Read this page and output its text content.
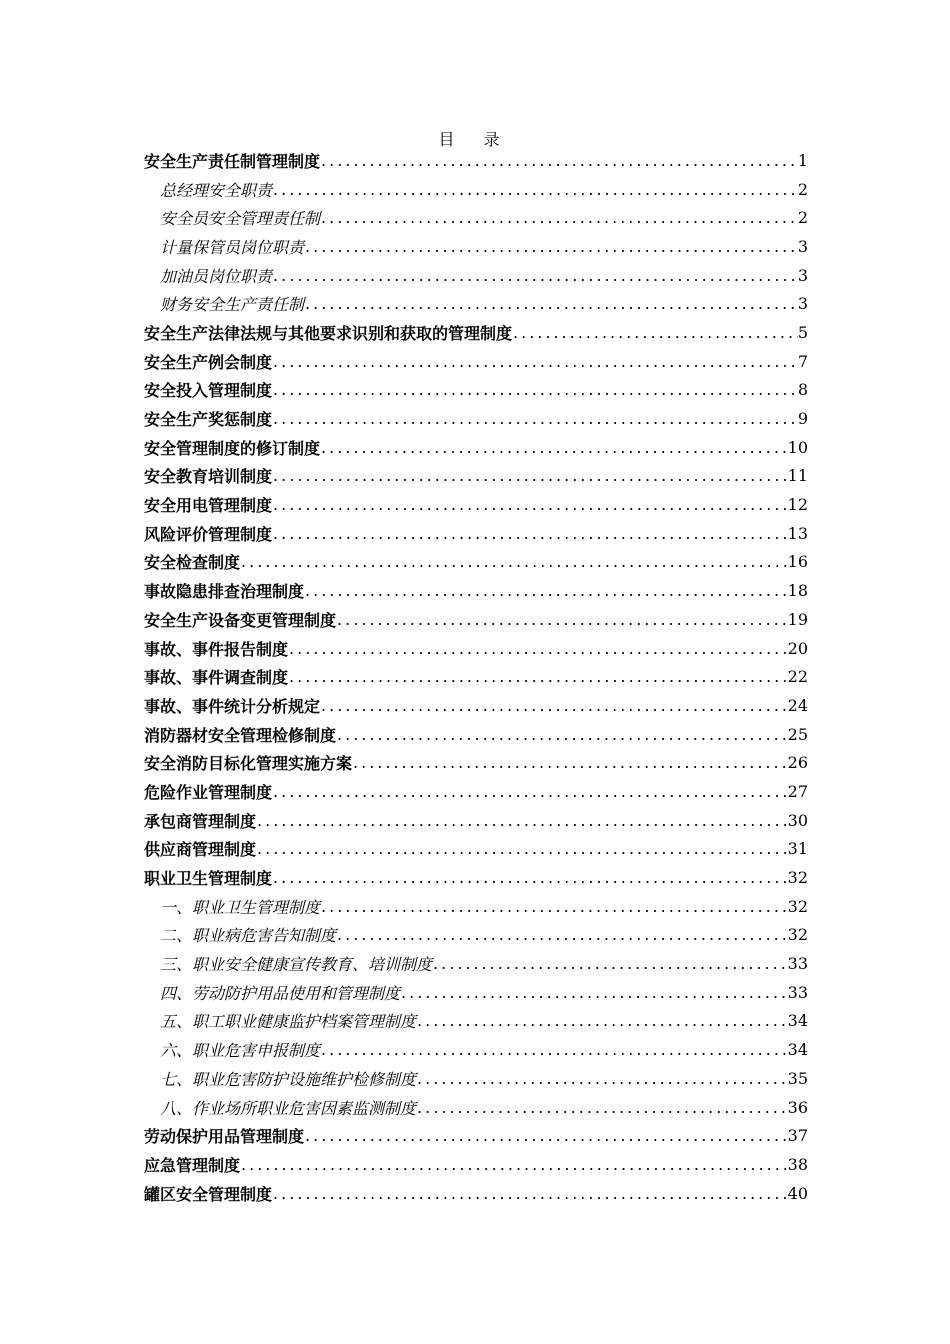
目 录
安全生产责任制管理制度 .....	1
总经理安全职责 .....	2
安全员安全管理责任制 .....	2
计量保管员岗位职责 .....	3
加油员岗位职责 .....	3
财务安全生产责任制 .....	3
安全生产法律法规与其他要求识别和获取的管理制度 .....	5
安全生产例会制度 .....	7
安全投入管理制度 .....	8
安全生产奖惩制度 .....	9
安全管理制度的修订制度 .....	10
安全教育培训制度 .....	11
安全用电管理制度 .....	12
风险评价管理制度 .....	13
安全检查制度 .....	16
事故隐患排查治理制度 .....	18
安全生产设备变更管理制度 .....	19
事故、事件报告制度 .....	20
事故、事件调查制度 .....	22
事故、事件统计分析规定 .....	24
消防器材安全管理检修制度 .....	25
安全消防目标化管理实施方案 .....	26
危险作业管理制度 .....	27
承包商管理制度 .....	30
供应商管理制度 .....	31
职业卫生管理制度 .....	32
一、职业卫生管理制度 .....	32
二、职业病危害告知制度 .....	32
三、职业安全健康宣传教育、培训制度 .....	33
四、劳动防护用品使用和管理制度 .....	33
五、职工职业健康监护档案管理制度 .....	34
六、职业危害申报制度 .....	34
七、职业危害防护设施维护检修制度 .....	35
八、作业场所职业危害因素监测制度 .....	36
劳动保护用品管理制度 .....	37
应急管理制度 .....	38
罐区安全管理制度 .....	40
